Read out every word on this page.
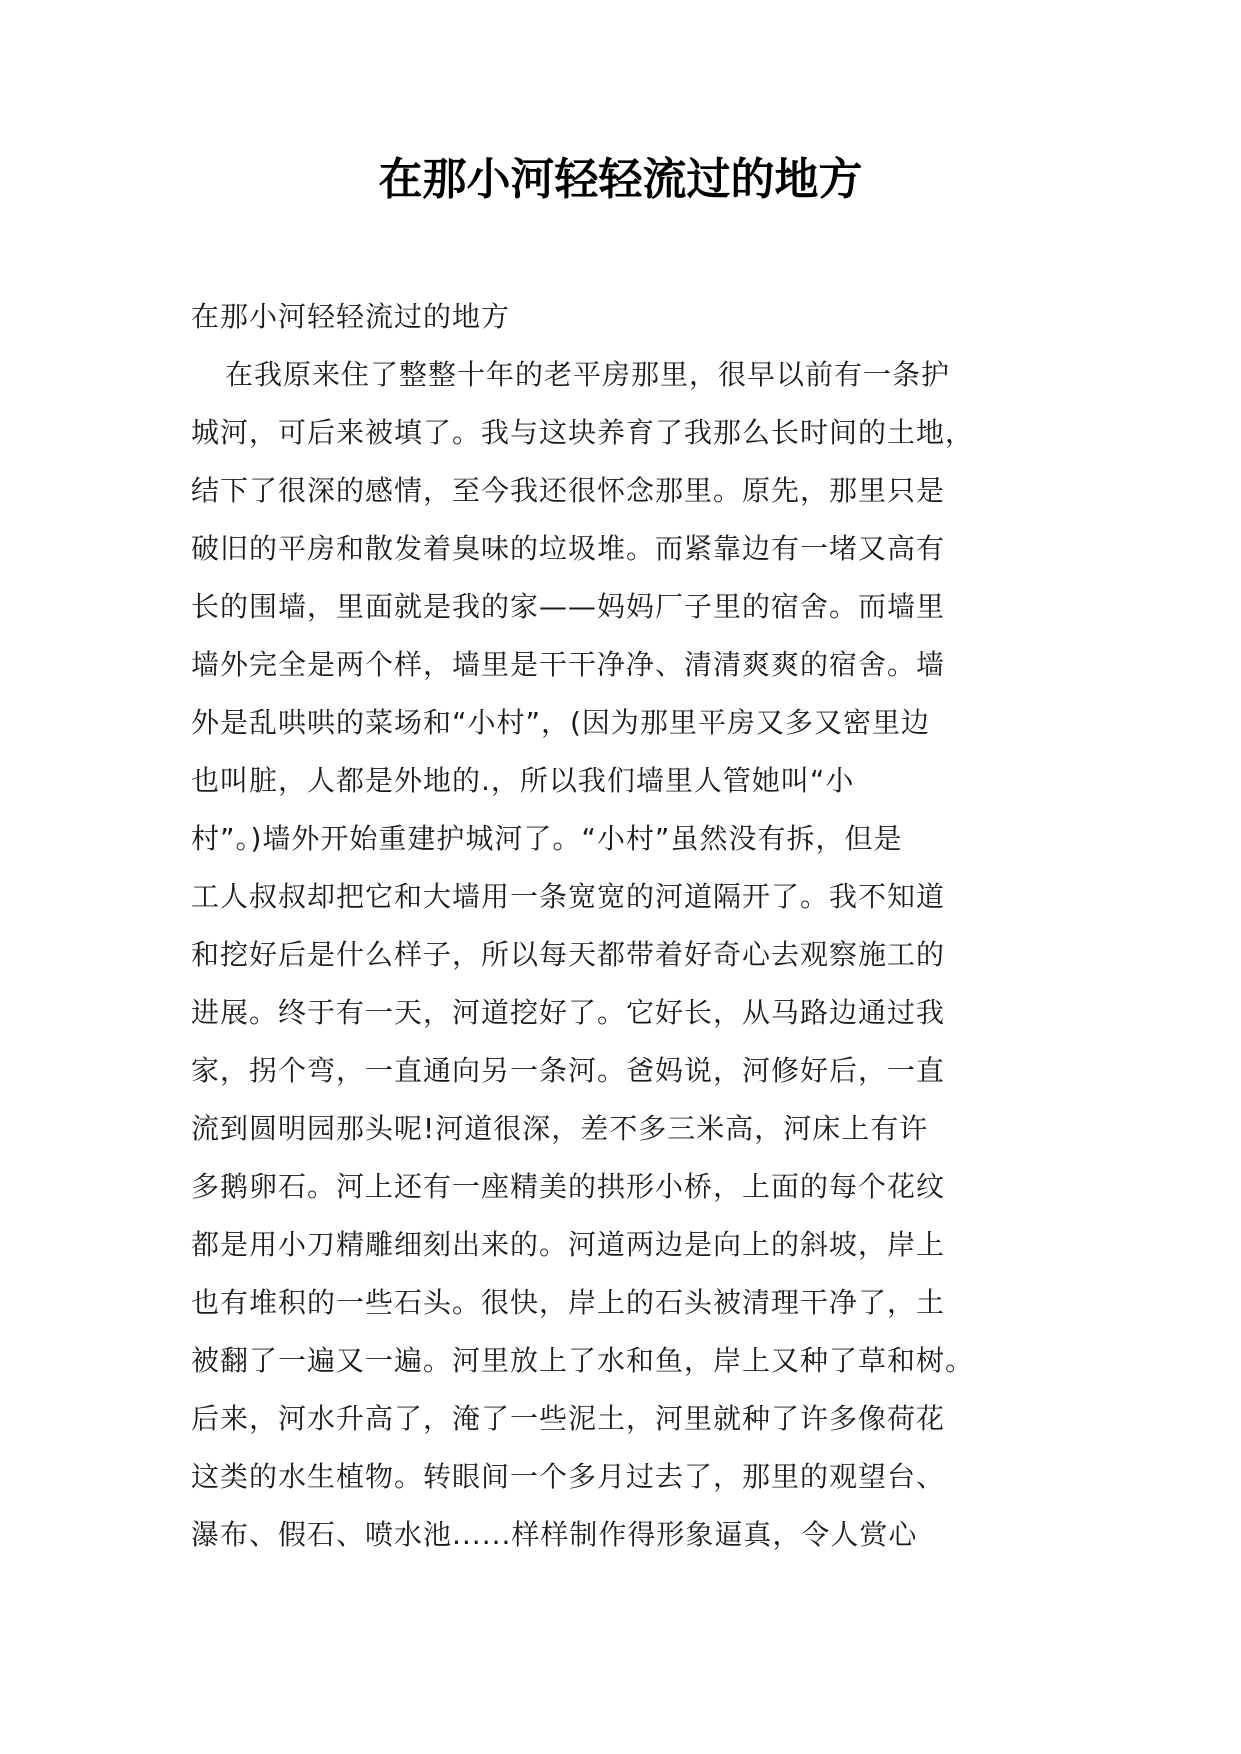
在那小河轻轻流过的地方
在那小河轻轻流过的地方
在我原来住了整整十年的老平房那里，很早以前有一条护
城河，可后来被填了。我与这块养育了我那么长时间的土地，
结下了很深的感情，至今我还很怀念那里。原先，那里只是
破旧的平房和散发着臭味的垃圾堆。而紧靠边有一堵又高有
长的围墙，里面就是我的家——妈妈厂子里的宿舍。而墙里
墙外完全是两个样，墙里是干干净净、清清爽爽的宿舍。墙
外是乱哄哄的菜场和“小村”，(因为那里平房又多又密里边
也叫脏，人都是外地的.，所以我们墙里人管她叫“小
村”。)墙外开始重建护城河了。“小村”虽然没有拆，但是
工人叔叔却把它和大墙用一条宽宽的河道隔开了。我不知道
和挖好后是什么样子，所以每天都带着好奇心去观察施工的
进展。终于有一天，河道挖好了。它好长，从马路边通过我
家，拐个弯，一直通向另一条河。爸妈说，河修好后，一直
流到圆明园那头呢!河道很深，差不多三米高，河床上有许
多鹅卵石。河上还有一座精美的拱形小桥，上面的每个花纹
都是用小刀精雕细刻出来的。河道两边是向上的斜坡，岸上
也有堆积的一些石头。很快，岸上的石头被清理干净了，土
被翻了一遍又一遍。河里放上了水和鱼，岸上又种了草和树。
后来，河水升高了，淹了一些泥土，河里就种了许多像荷花
这类的水生植物。转眼间一个多月过去了，那里的观望台、
瀑布、假石、喷水池......样样制作得形象逼真，令人赏心
